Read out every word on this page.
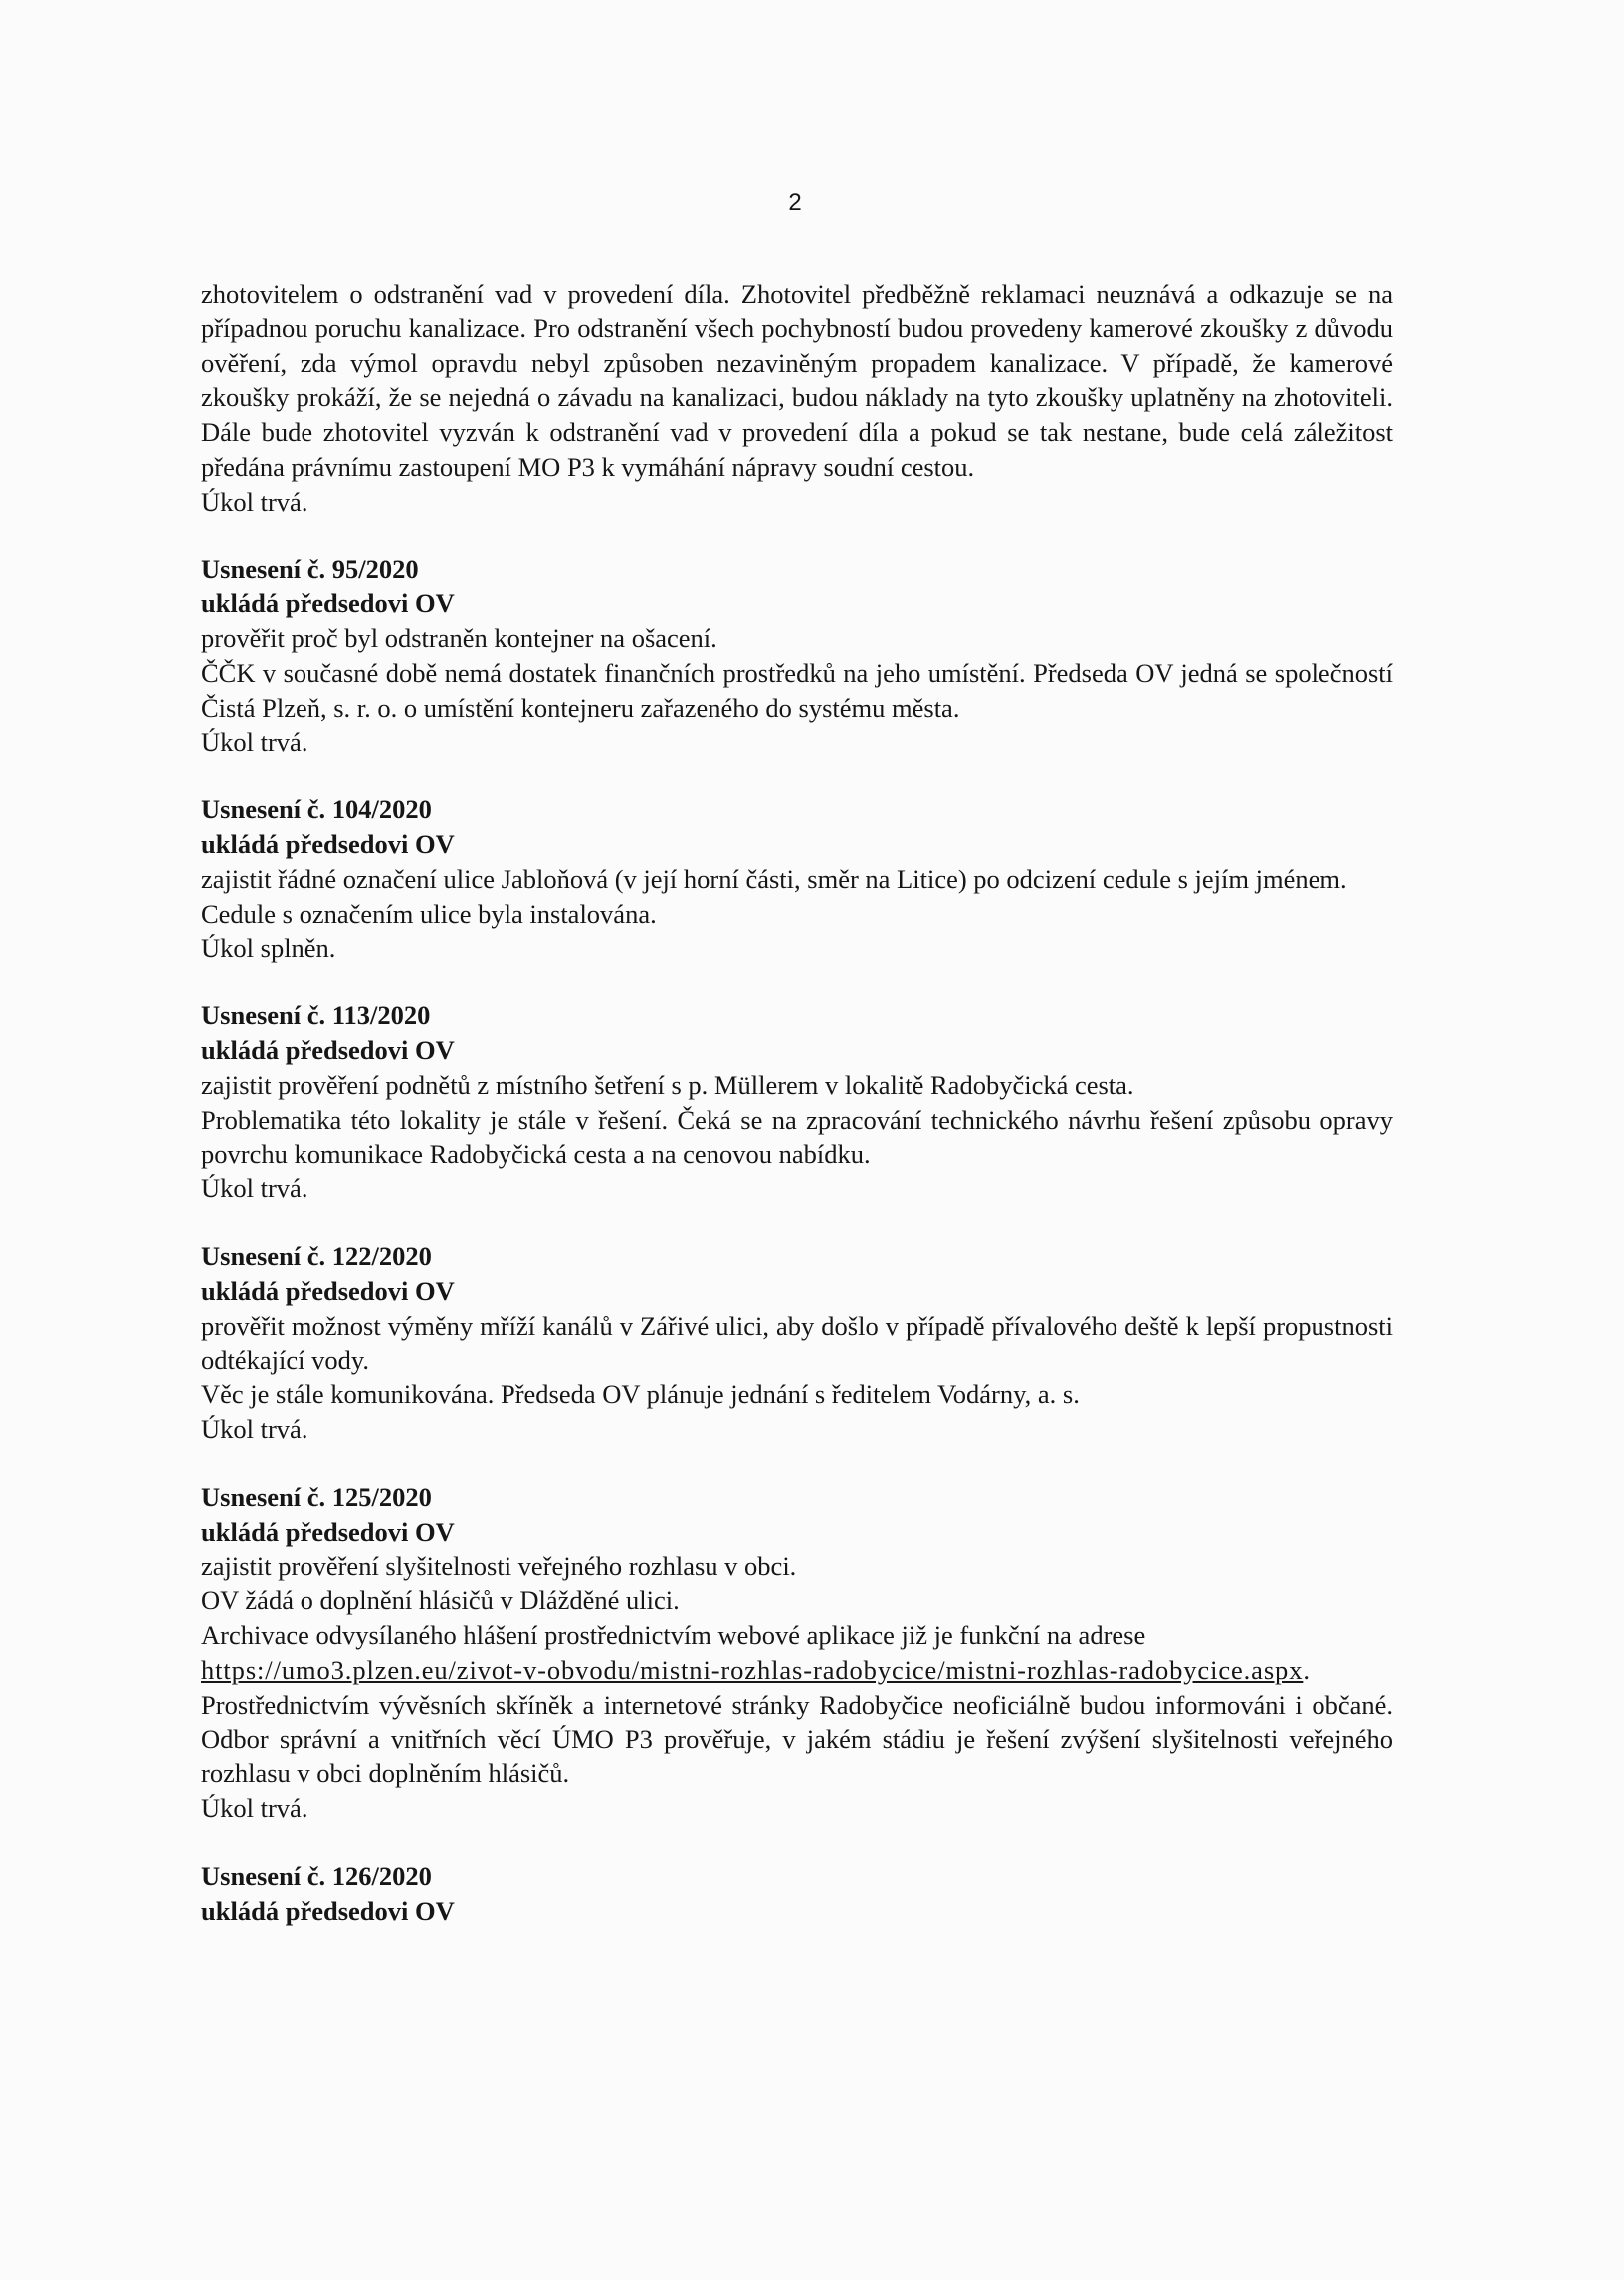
2

zhotovitelem o odstranění vad v provedení díla. Zhotovitel předběžně reklamaci neuznává a odkazuje se na případnou poruchu kanalizace. Pro odstranění všech pochybností budou provedeny kamerové zkoušky z důvodu ověření, zda výmol opravdu nebyl způsoben nezaviněným propadem kanalizace. V případě, že kamerové zkoušky prokáží, že se nejedná o závadu na kanalizaci, budou náklady na tyto zkoušky uplatněny na zhotoviteli. Dále bude zhotovitel vyzván k odstranění vad v provedení díla a pokud se tak nestane, bude celá záležitost předána právnímu zastoupení MO P3 k vymáhání nápravy soudní cestou.

Úkol trvá.

Usnesení č. 95/2020

ukládá předsedovi OV

prověřit proč byl odstraněn kontejner na ošacení.

ČČK v současné době nemá dostatek finančních prostředků na jeho umístění. Předseda OV jedná se společností Čistá Plzeň, s. r. o. o umístění kontejneru zařazeného do systému města.

Úkol trvá.

Usnesení č. 104/2020

ukládá předsedovi OV

zajistit řádné označení ulice Jabloňová (v její horní části, směr na Litice) po odcizení cedule s jejím jménem.

Cedule s označením ulice byla instalována.

Úkol splněn.

Usnesení č. 113/2020

ukládá předsedovi OV

zajistit prověření podnětů z místního šetření s p. Müllerem v lokalitě Radobyčická cesta.

Problematika této lokality je stále v řešení. Čeká se na zpracování technického návrhu řešení způsobu opravy povrchu komunikace Radobyčická cesta a na cenovou nabídku.

Úkol trvá.

Usnesení č. 122/2020

ukládá předsedovi OV

prověřit možnost výměny mříží kanálů v Zářivé ulici, aby došlo v případě přívalového deště k lepší propustnosti odtékající vody.

Věc je stále komunikována. Předseda OV plánuje jednání s ředitelem Vodárny, a. s.

Úkol trvá.

Usnesení č. 125/2020

ukládá předsedovi OV

zajistit prověření slyšitelnosti veřejného rozhlasu v obci.

OV žádá o doplnění hlásičů v Dlážděné ulici.

Archivace odvysílaného hlášení prostřednictvím webové aplikace již je funkční na adrese

https://umo3.plzen.eu/zivot-v-obvodu/mistni-rozhlas-radobycice/mistni-rozhlas-radobycice.aspx.

Prostřednictvím vývěsních skříněk a internetové stránky Radobyčice neoficiálně budou informováni i občané. Odbor správní a vnitřních věcí ÚMO P3 prověřuje, v jakém stádiu je řešení zvýšení slyšitelnosti veřejného rozhlasu v obci doplněním hlásičů.

Úkol trvá.

Usnesení č. 126/2020

ukládá předsedovi OV
